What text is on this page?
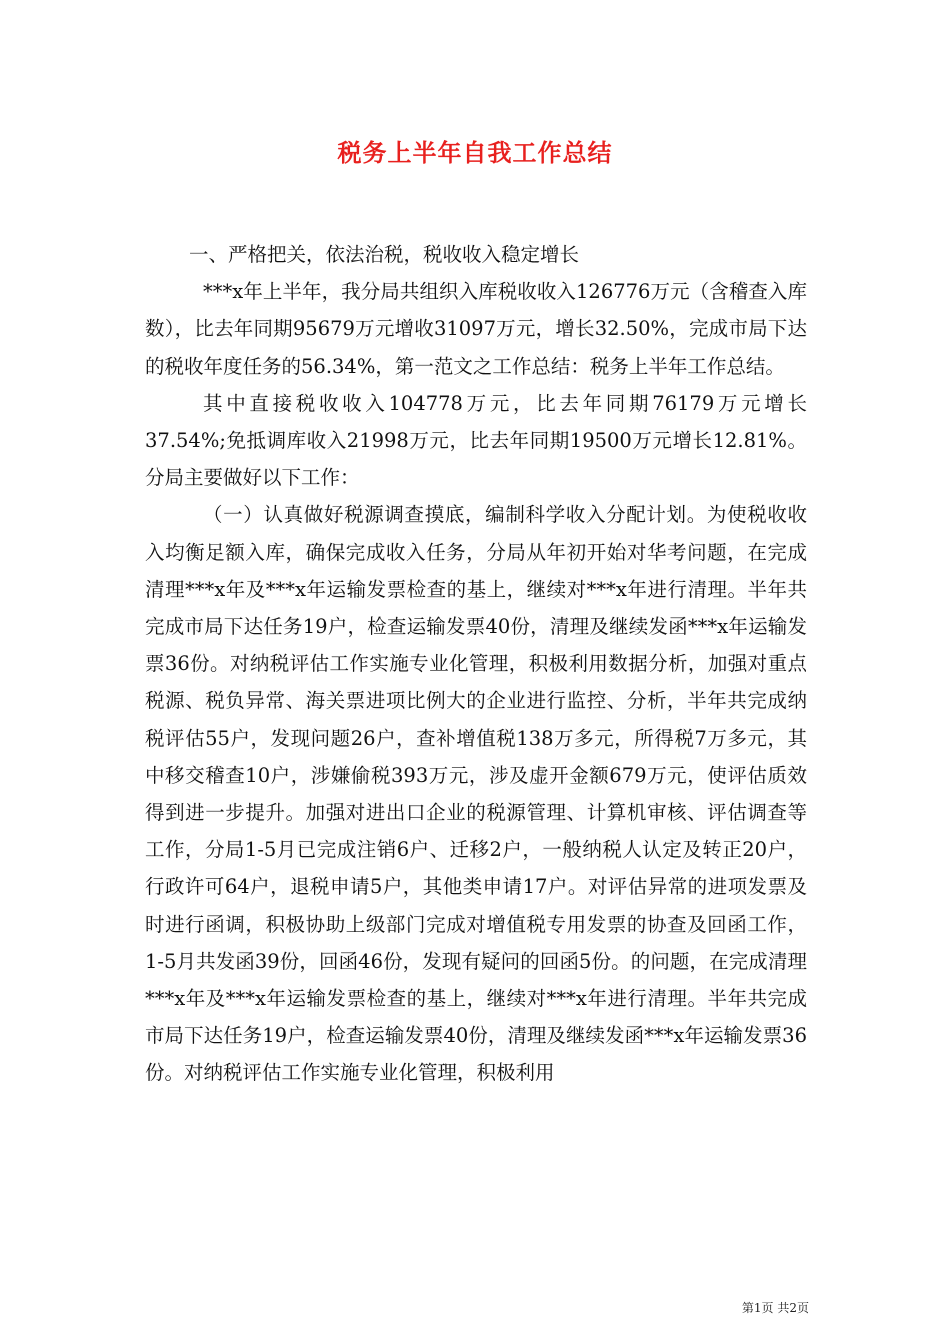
税务上半年自我工作总结

一、严格把关，依法治税，税收收入稳定增长

***x年上半年，我分局共组织入库税收收入126776万元（含稽查入库数），比去年同期95679万元增收31097万元，增长32.50%，完成市局下达的税收年度任务的56.34%，第一范文之工作总结：税务上半年工作总结。

其中直接税收收入104778万元，比去年同期76179万元增长37.54%;免抵调库收入21998万元，比去年同期19500万元增长12.81%。分局主要做好以下工作：

（一）认真做好税源调查摸底，编制科学收入分配计划。为使税收收入均衡足额入库，确保完成收入任务，分局从年初开始对华考问题，在完成清理***x年及***x年运输发票检查的基上，继续对***x年进行清理。半年共完成市局下达任务19户，检查运输发票40份，清理及继续发函***x年运输发票36份。对纳税评估工作实施专业化管理，积极利用数据分析，加强对重点税源、税负异常、海关票进项比例大的企业进行监控、分析，半年共完成纳税评估55户，发现问题26户，查补增值税138万多元，所得税7万多元，其中移交稽查10户，涉嫌偷税393万元，涉及虚开金额679万元，使评估质效得到进一步提升。加强对进出口企业的税源管理、计算机审核、评估调查等工作，分局1-5月已完成注销6户、迁移2户，一般纳税人认定及转正20户，行政许可64户，退税申请5户，其他类申请17户。对评估异常的进项发票及时进行函调，积极协助上级部门完成对增值税专用发票的协查及回函工作，1-5月共发函39份，回函46份，发现有疑问的回函5份。的问题，在完成清理***x年及***x年运输发票检查的基上，继续对***x年进行清理。半年共完成市局下达任务19户，检查运输发票40份，清理及继续发函***x年运输发票36份。对纳税评估工作实施专业化管理，积极利用

第1页 共2页
